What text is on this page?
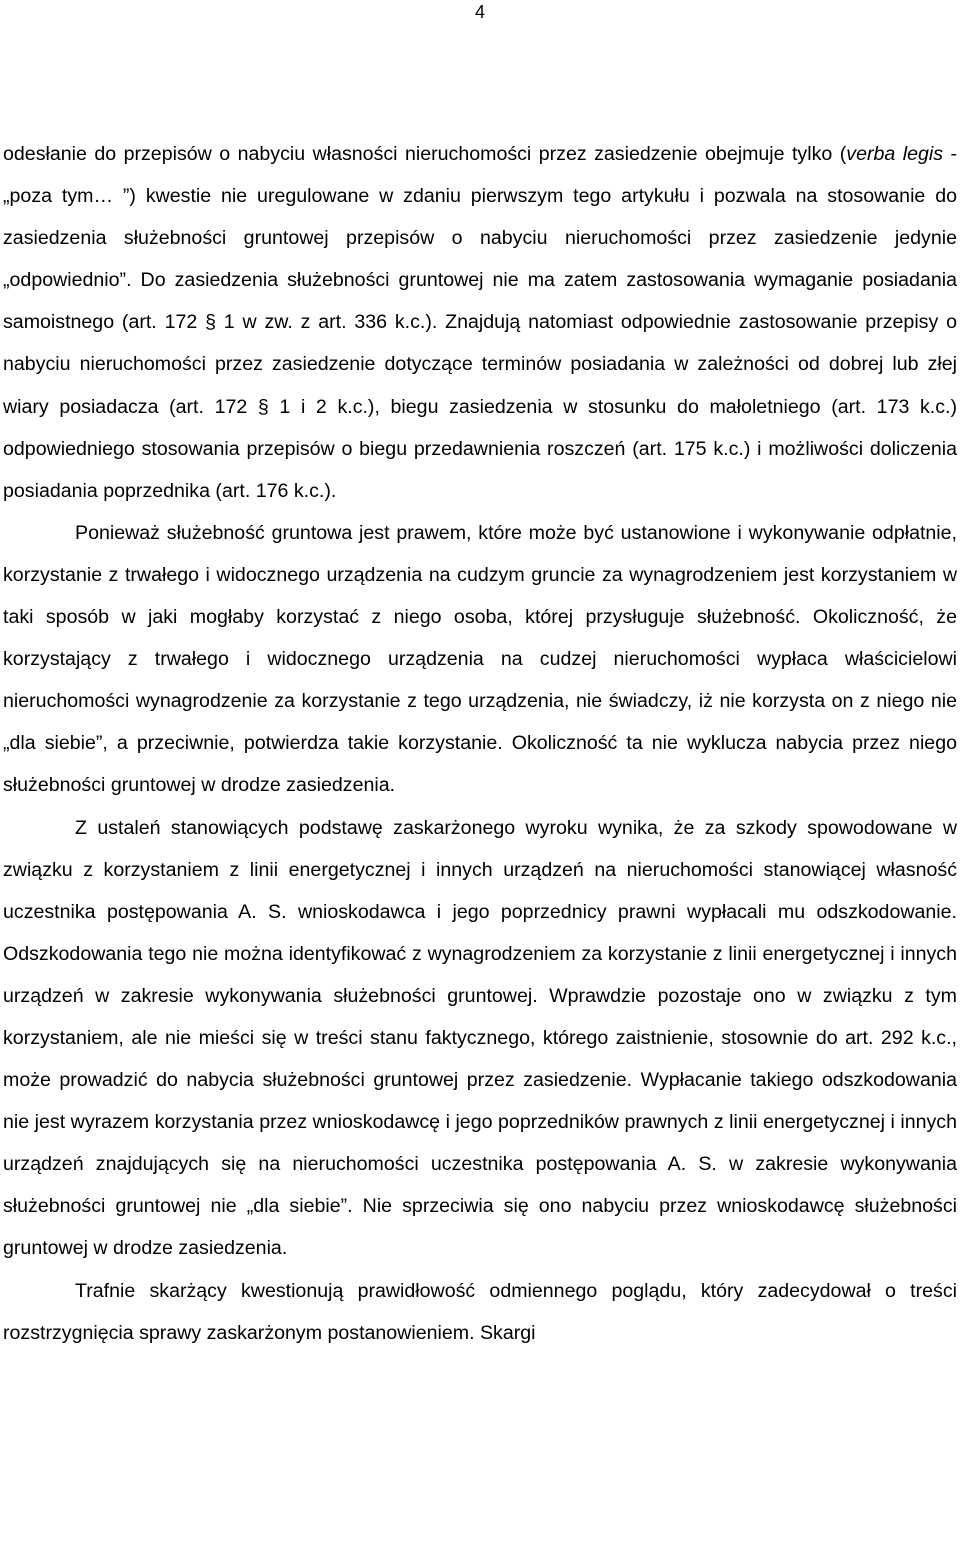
4

odesłanie do przepisów o nabyciu własności nieruchomości przez zasiedzenie obejmuje tylko (verba legis - „poza tym… ”) kwestie nie uregulowane w zdaniu pierwszym tego artykułu i pozwala na stosowanie do zasiedzenia służebności gruntowej przepisów o nabyciu nieruchomości przez zasiedzenie jedynie „odpowiednio”. Do zasiedzenia służebności gruntowej nie ma zatem zastosowania wymaganie posiadania samoistnego (art. 172 § 1 w zw. z art. 336 k.c.). Znajdują natomiast odpowiednie zastosowanie przepisy o nabyciu nieruchomości przez zasiedzenie dotyczące terminów posiadania w zależności od dobrej lub złej wiary posiadacza (art. 172 § 1 i 2 k.c.), biegu zasiedzenia w stosunku do małoletniego (art. 173 k.c.) odpowiedniego stosowania przepisów o biegu przedawnienia roszczeń (art. 175 k.c.) i możliwości doliczenia posiadania poprzednika (art. 176 k.c.).

Ponieważ służebność gruntowa jest prawem, które może być ustanowione i wykonywanie odpłatnie, korzystanie z trwałego i widocznego urządzenia na cudzym gruncie za wynagrodzeniem jest korzystaniem w taki sposób w jaki mogłaby korzystać z niego osoba, której przysługuje służebność. Okoliczność, że korzystający z trwałego i widocznego urządzenia na cudzej nieruchomości wypłaca właścicielowi nieruchomości wynagrodzenie za korzystanie z tego urządzenia, nie świadczy, iż nie korzysta on z niego nie „dla siebie”, a przeciwnie, potwierdza takie korzystanie. Okoliczność ta nie wyklucza nabycia przez niego służebności gruntowej w drodze zasiedzenia.

Z ustaleń stanowiących podstawę zaskarżonego wyroku wynika, że za szkody spowodowane w związku z korzystaniem z linii energetycznej i innych urządzeń na nieruchomości stanowiącej własność uczestnika postępowania A. S. wnioskodawca i jego poprzednicy prawni wypłacali mu odszkodowanie. Odszkodowania tego nie można identyfikować z wynagrodzeniem za korzystanie z linii energetycznej i innych urządzeń w zakresie wykonywania służebności gruntowej. Wprawdzie pozostaje ono w związku z tym korzystaniem, ale nie mieści się w treści stanu faktycznego, którego zaistnienie, stosownie do art. 292 k.c., może prowadzić do nabycia służebności gruntowej przez zasiedzenie. Wypłacanie takiego odszkodowania nie jest wyrazem korzystania przez wnioskodawcę i jego poprzedników prawnych z linii energetycznej i innych urządzeń znajdujących się na nieruchomości uczestnika postępowania A. S. w zakresie wykonywania służebności gruntowej nie „dla siebie”. Nie sprzeciwia się ono nabyciu przez wnioskodawcę służebności gruntowej w drodze zasiedzenia.

Trafnie skarżący kwestionują prawidłowość odmiennego poglądu, który zadecydował o treści rozstrzygnięcia sprawy zaskarżonym postanowieniem. Skargi
